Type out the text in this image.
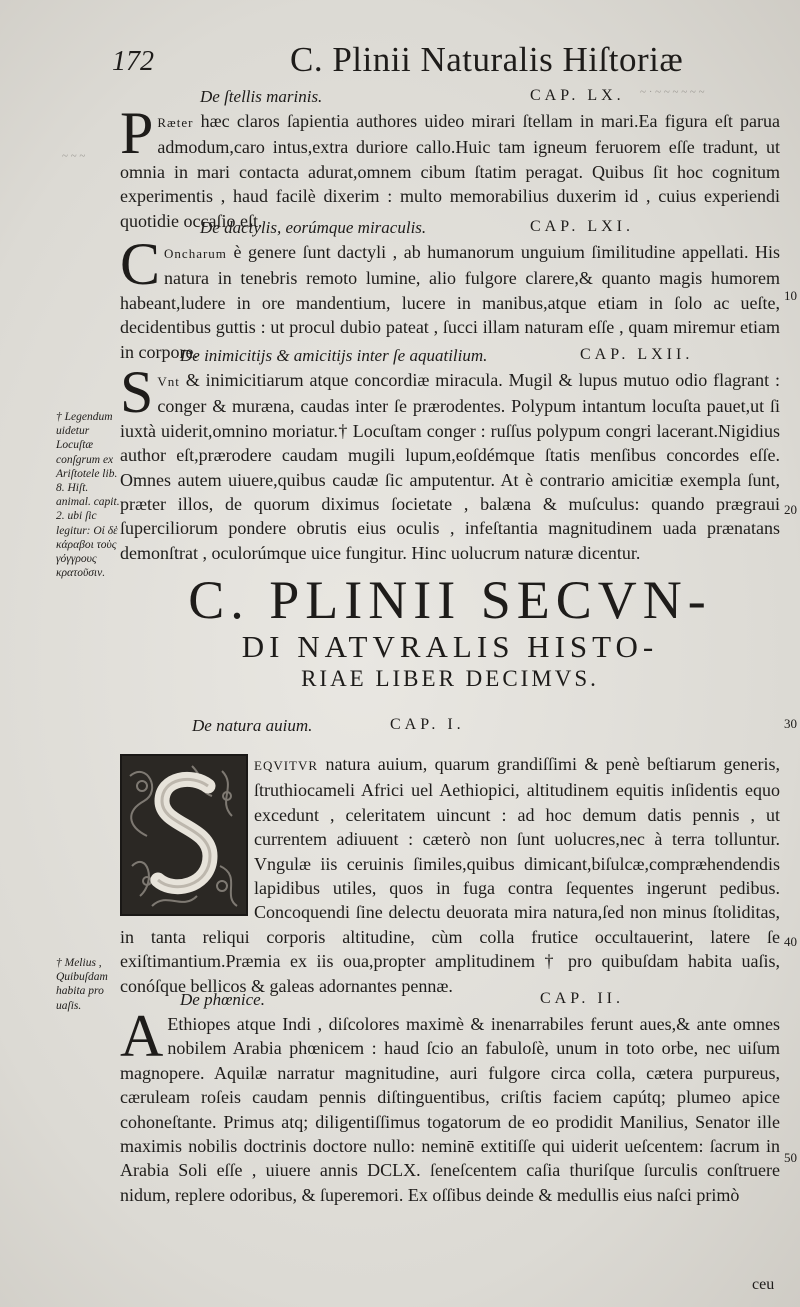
~ · ~ ~ ~ ~ ~ ~
~ ~ ~
172	C. Plinii Naturalis Hiſtoriæ
De ſtellis marinis.	CAP. LX.

P Ræter hæc claros ſapientia authores uideo mirari ſtellam in mari.Ea figura eſt parua admodum,caro intus,extra duriore callo.Huic tam igneum feruorem eſſe tradunt, ut omnia in mari contacta adurat,omnem cibum ſtatim peragat. Quibus ſit hoc cognitum experimentis , haud facilè dixerim : multo memorabilius duxerim id , cuius experiendi quotidie occaſio eſt.

De dactylis, eorúmque miraculis.	CAP. LXI.

C Oncharum è genere ſunt dactyli , ab humanorum unguium ſimilitudine appellati. His natura in tenebris remoto lumine, alio fulgore clarere,& quanto magis humorem habeant,ludere in ore mandentium, lucere in manibus,atque etiam in ſolo ac ueſte, decidentibus guttis : ut procul dubio pateat , ſucci illam naturam eſſe , quam miremur etiam in corpore.

De inimicitijs & amicitijs inter ſe aquatilium.	CAP. LXII.

S Vnt & inimicitiarum atque concordiæ miracula. Mugil & lupus mutuo odio flagrant : conger & muræna, caudas inter ſe prærodentes. Polypum intantum locuſta pauet,ut ſi iuxtà uiderit,omnino moriatur.† Locuſtam conger : ruſſus polypum congri lacerant.Nigidius author eſt,prærodere caudam mugili lupum,eoſdémque ſtatis menſibus concordes eſſe. Omnes autem uiuere,quibus caudæ ſic amputentur. At è contrario amicitiæ exempla ſunt, præter illos, de quorum diximus ſocietate , balæna & muſculus: quando prægraui ſuperciliorum pondere obrutis eius oculis , infeſtantia magnitudinem uada prænatans demonſtrat , oculorúmque uice fungitur. Hinc uolucrum naturæ dicentur.

C. PLINII SECVN-
DI NATVRALIS HISTO-
RIAE LIBER DECIMVS.
De natura auium.	CAP. I.

EQVITVR natura auium, quarum grandiſſimi & penè beſtiarum generis, ſtruthiocameli Africi uel Aethiopici, altitudinem equitis inſidentis equo excedunt , celeritatem uincunt : ad hoc demum datis pennis , ut currentem adiuuent : cæterò non ſunt uolucres,nec à terra tolluntur. Vngulæ iis ceruinis ſimiles,quibus dimicant,biſulcæ,compræhendendis lapidibus utiles, quos in fuga contra ſequentes ingerunt pedibus. Concoquendi ſine delectu deuorata mira natura,ſed non minus ſtoliditas, in tanta reliqui corporis altitudine, cùm colla frutice occultauerint, latere ſe exiſtimantium.Præmia ex iis oua,propter amplitudinem † pro quibuſdam habita uaſis, conóſque bellicos & galeas adornantes pennæ.

De phœnice.	CAP. II.

A Ethiopes atque Indi , diſcolores maximè & inenarrabiles ferunt aues,& ante omnes nobilem Arabia phœnicem : haud ſcio an fabuloſè, unum in toto orbe, nec uiſum magnopere. Aquilæ narratur magnitudine, auri fulgore circa colla, cætera purpureus, cæruleam roſeis caudam pennis diſtinguentibus, criſtis faciem capútq; plumeo apice cohoneſtante. Primus atq; diligentiſſimus togatorum de eo prodidit Manilius, Senator ille maximis nobilis doctrinis doctore nullo: neminē extitiſſe qui uiderit ueſcentem: ſacrum in Arabia Soli eſſe , uiuere annis DCLX. ſeneſcentem caſia thuriſque ſurculis conſtruere nidum, replere odoribus, & ſuperemori. Ex oſſibus deinde & medullis eius naſci primò

ceu
† Legendum uidetur Locuſtæ conſgrum ex Ariſtotele lib. 8. Hiſt. animal. capit. 2. ubi ſic legitur: Οἱ δὲ κάραβοι τοὺς γόγγρους κρατοῦσιν.
† Melius , Quibuſdam habita pro uaſis.
10
20
30
40
50
